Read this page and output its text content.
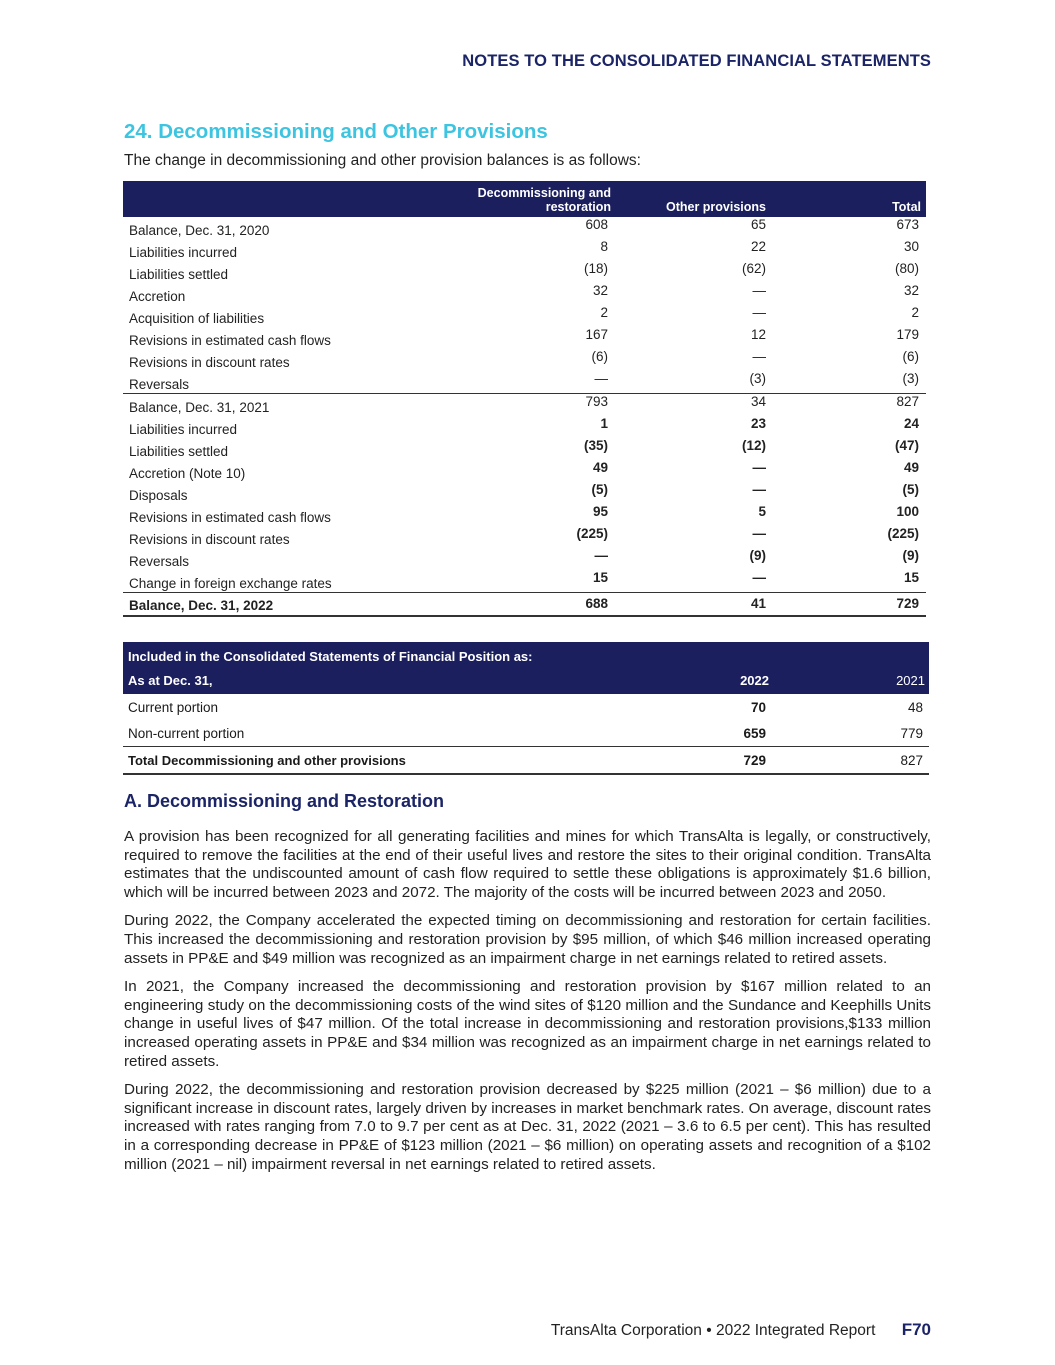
NOTES TO THE CONSOLIDATED FINANCIAL STATEMENTS
24. Decommissioning and Other Provisions
The change in decommissioning and other provision balances is as follows:
Decommissioning and restoration	Other provisions	Total
Balance, Dec. 31, 2020	608	65	673
Liabilities incurred	8	22	30
Liabilities settled	(18)	(62)	(80)
Accretion	32	—	32
Acquisition of liabilities	2	—	2
Revisions in estimated cash flows	167	12	179
Revisions in discount rates	(6)	—	(6)
Reversals	—	(3)	(3)
Balance, Dec. 31, 2021	793	34	827
Liabilities incurred	1	23	24
Liabilities settled	(35)	(12)	(47)
Accretion (Note 10)	49	—	49
Disposals	(5)	—	(5)
Revisions in estimated cash flows	95	5	100
Revisions in discount rates	(225)	—	(225)
Reversals	—	(9)	(9)
Change in foreign exchange rates	15	—	15
Balance, Dec. 31, 2022	688	41	729
Included in the Consolidated Statements of Financial Position as:
As at Dec. 31,	2022	2021
Current portion	70	48
Non-current portion	659	779
Total Decommissioning and other provisions	729	827
A. Decommissioning and Restoration

A provision has been recognized for all generating facilities and mines for which TransAlta is legally, or constructively, required to remove the facilities at the end of their useful lives and restore the sites to their original condition. TransAlta estimates that the undiscounted amount of cash flow required to settle these obligations is approximately $1.6 billion, which will be incurred between 2023 and 2072. The majority of the costs will be incurred between 2023 and 2050.

During 2022, the Company accelerated the expected timing on decommissioning and restoration for certain facilities. This increased the decommissioning and restoration provision by $95 million, of which $46 million increased operating assets in PP&E and $49 million was recognized as an impairment charge in net earnings related to retired assets.

In 2021, the Company increased the decommissioning and restoration provision by $167 million related to an engineering study on the decommissioning costs of the wind sites of $120 million and the Sundance and Keephills Units change in useful lives of $47 million. Of the total increase in decommissioning and restoration provisions,$133 million increased operating assets in PP&E and $34 million was recognized as an impairment charge in net earnings related to retired assets.

During 2022, the decommissioning and restoration provision decreased by $225 million (2021 – $6 million) due to a significant increase in discount rates, largely driven by increases in market benchmark rates. On average, discount rates increased with rates ranging from 7.0 to 9.7 per cent as at Dec. 31, 2022 (2021 – 3.6 to 6.5 per cent). This has resulted in a corresponding decrease in PP&E of $123 million (2021 – $6 million) on operating assets and recognition of a $102 million (2021 – nil) impairment reversal in net earnings related to retired assets.

TransAlta Corporation • 2022 Integrated Report F70
